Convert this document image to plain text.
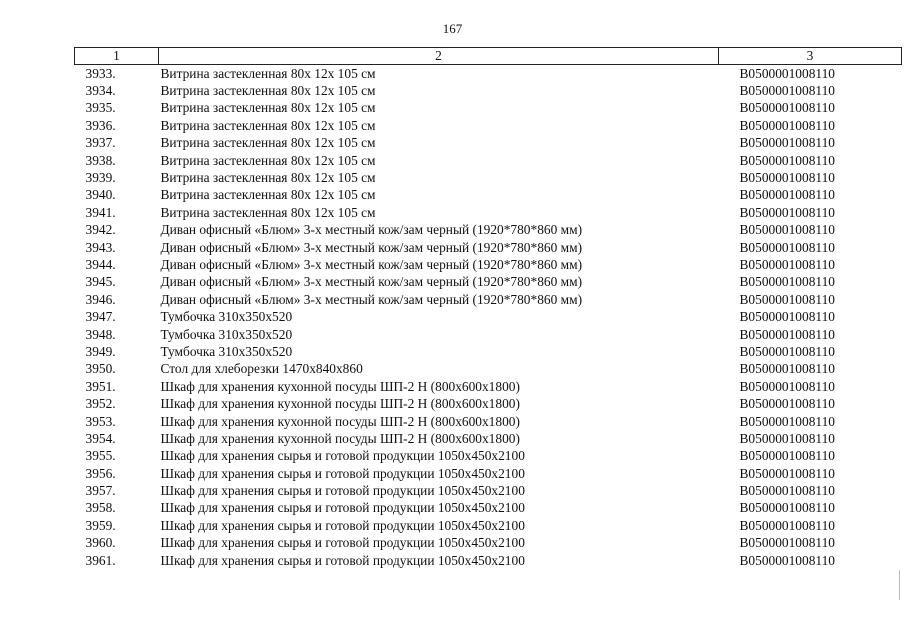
167
1	2	3
3933.	Витрина застекленная 80х 12х 105 см	В0500001008110
3934.	Витрина застекленная 80х 12х 105 см	В0500001008110
3935.	Витрина застекленная 80х 12х 105 см	В0500001008110
3936.	Витрина застекленная 80х 12х 105 см	В0500001008110
3937.	Витрина застекленная 80х 12х 105 см	В0500001008110
3938.	Витрина застекленная 80х 12х 105 см	В0500001008110
3939.	Витрина застекленная 80х 12х 105 см	В0500001008110
3940.	Витрина застекленная 80х 12х 105 см	В0500001008110
3941.	Витрина застекленная 80х 12х 105 см	В0500001008110
3942.	Диван офисный «Блюм» 3-х местный кож/зам черный (1920*780*860 мм)	В0500001008110
3943.	Диван офисный «Блюм» 3-х местный кож/зам черный (1920*780*860 мм)	В0500001008110
3944.	Диван офисный «Блюм» 3-х местный кож/зам черный (1920*780*860 мм)	В0500001008110
3945.	Диван офисный «Блюм» 3-х местный кож/зам черный (1920*780*860 мм)	В0500001008110
3946.	Диван офисный «Блюм» 3-х местный кож/зам черный (1920*780*860 мм)	В0500001008110
3947.	Тумбочка 310х350х520	В0500001008110
3948.	Тумбочка 310х350х520	В0500001008110
3949.	Тумбочка 310х350х520	В0500001008110
3950.	Стол для хлеборезки 1470х840х860	В0500001008110
3951.	Шкаф для хранения кухонной посуды ШП-2 Н (800х600х1800)	В0500001008110
3952.	Шкаф для хранения кухонной посуды ШП-2 Н (800х600х1800)	В0500001008110
3953.	Шкаф для хранения кухонной посуды ШП-2 Н (800х600х1800)	В0500001008110
3954.	Шкаф для хранения кухонной посуды ШП-2 Н (800х600х1800)	В0500001008110
3955.	Шкаф для хранения сырья и готовой продукции 1050х450х2100	В0500001008110
3956.	Шкаф для хранения сырья и готовой продукции 1050х450х2100	В0500001008110
3957.	Шкаф для хранения сырья и готовой продукции 1050х450х2100	В0500001008110
3958.	Шкаф для хранения сырья и готовой продукции 1050х450х2100	В0500001008110
3959.	Шкаф для хранения сырья и готовой продукции 1050х450х2100	В0500001008110
3960.	Шкаф для хранения сырья и готовой продукции 1050х450х2100	В0500001008110
3961.	Шкаф для хранения сырья и готовой продукции 1050х450х2100	В0500001008110
